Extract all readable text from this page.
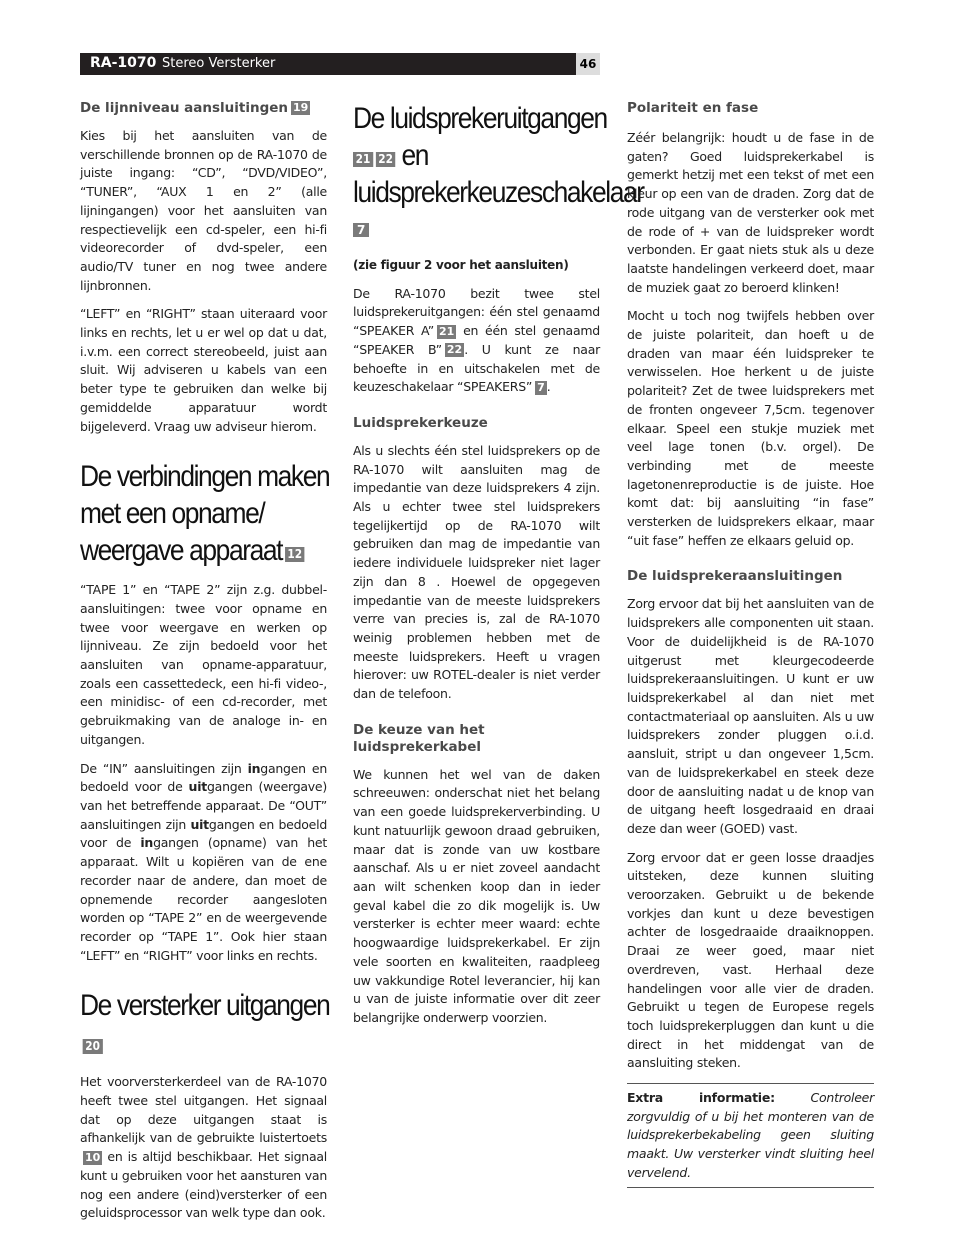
RA-1070 Stereo Versterker	46
De lijnniveau aansluitingen 19

Kies bij het aansluiten van de verschillende bronnen op de RA-1070 de juiste ingang: “CD”, “DVD/VIDEO”, “TUNER”, “AUX 1 en 2” (alle lijningangen) voor het aansluiten van respectievelijk een cd-speler, een hi-fi videorecorder of dvd-speler, een audio/TV tuner en nog twee andere lijnbronnen.

“LEFT” en “RIGHT” staan uiteraard voor links en rechts, let u er wel op dat u dat, i.v.m. een correct stereobeeld, juist aan sluit. Wij adviseren u kabels van een beter type te gebruiken dan welke bij gemiddelde apparatuur wordt bijgeleverd. Vraag uw adviseur hierom.

De verbindingen maken met een opname/ weergave apparaat 12

“TAPE 1” en “TAPE 2” zijn z.g. dubbel-aansluitingen: twee voor opname en twee voor weergave en werken op lijnniveau. Ze zijn bedoeld voor het aansluiten van opname-apparatuur, zoals een cassettedeck, een hi-fi video-, een minidisc- of een cd-recorder, met gebruikmaking van de analoge in- en uitgangen.

De “IN” aansluitingen zijn ingangen en bedoeld voor de uitgangen (weergave) van het betreffende apparaat. De “OUT” aansluitingen zijn uitgangen en bedoeld voor de ingangen (opname) van het apparaat. Wilt u kopiëren van de ene recorder naar de andere, dan moet de opnemende recorder aangesloten worden op “TAPE 2” en de weergevende recorder op “TAPE 1”. Ook hier staan “LEFT” en “RIGHT” voor links en rechts.

De versterker uitgangen20

Het voorversterkerdeel van de RA-1070 heeft twee stel uitgangen. Het signaal dat op deze uitgangen staat is afhankelijk van de gebruikte luistertoets10 en is altijd beschikbaar. Het signaal kunt u gebruiken voor het aansturen van nog een andere (eind)versterker of een geluidsprocessor van welk type dan ook.

De luidsprekeruitgangen
21 22 en luidsprekerkeuzeschakelaar
7

(zie figuur 2 voor het aansluiten)

De RA-1070 bezit twee stel luidsprekeruitgangen: één stel genaamd “SPEAKER A” 21 en één stel genaamd “SPEAKER B” 22 . U kunt ze naar behoefte in en uitschakelen met de keuzeschakelaar “SPEAKERS” 7 .

Luidsprekerkeuze

Als u slechts één stel luidsprekers op de RA-1070 wilt aansluiten mag de impedantie van deze luidsprekers 4 zijn. Als u echter twee stel luidsprekers tegelijkertijd op de RA-1070 wilt gebruiken dan mag de impedantie van iedere individuele luidspreker niet lager zijn dan 8 . Hoewel de opgegeven impedantie van de meeste luidsprekers verre van precies is, zal de RA-1070 weinig problemen hebben met de meeste luidsprekers. Heeft u vragen hierover: uw ROTEL-dealer is niet verder dan de telefoon.

De keuze van het luidsprekerkabel

We kunnen het wel van de daken schreeuwen: onderschat niet het belang van een goede luidsprekerverbinding. U kunt natuurlijk gewoon draad gebruiken, maar dat is zonde van uw kostbare aanschaf. Als u er niet zoveel aandacht aan wilt schenken koop dan in ieder geval kabel die zo dik mogelijk is. Uw versterker is echter meer waard: echte hoogwaardige luidsprekerkabel. Er zijn vele soorten en kwaliteiten, raadpleeg uw vakkundige Rotel leverancier, hij kan u van de juiste informatie over dit zeer belangrijke onderwerp voorzien.

Polariteit en fase

Zéér belangrijk: houdt u de fase in de gaten? Goed luidsprekerkabel is gemerkt hetzij met een tekst of met een kleur op een van de draden. Zorg dat de rode uitgang van de versterker ook met de rode of + van de luidspreker wordt verbonden. Er gaat niets stuk als u deze laatste handelingen verkeerd doet, maar de muziek gaat zo beroerd klinken!

Mocht u toch nog twijfels hebben over de juiste polariteit, dan hoeft u de draden van maar één luidspreker te verwisselen. Hoe herkent u de juiste polariteit? Zet de twee luidsprekers met de fronten ongeveer 7,5cm. tegenover elkaar. Speel een stukje muziek met veel lage tonen (b.v. orgel). De verbinding met de meeste lagetonenreproductie is de juiste. Hoe komt dat: bij aansluiting “in fase” versterken de luidsprekers elkaar, maar “uit fase” heffen ze elkaars geluid op.

De luidsprekeraansluitingen

Zorg ervoor dat bij het aansluiten van de luidsprekers alle componenten uit staan. Voor de duidelijkheid is de RA-1070 uitgerust met kleurgecodeerde luidsprekeraansluitingen. U kunt er uw luidsprekerkabel al dan niet met contactmateriaal op aansluiten. Als u uw luidsprekers zonder pluggen o.i.d. aansluit, stript u dan ongeveer 1,5cm. van de luidsprekerkabel en steek deze door de aansluiting nadat u de knop van de uitgang heeft losgedraaid en draai deze dan weer (GOED) vast.

Zorg ervoor dat er geen losse draadjes uitsteken, deze kunnen sluiting veroorzaken. Gebruikt u de bekende vorkjes dan kunt u deze bevestigen achter de losgedraaide draaiknoppen. Draai ze weer goed, maar niet overdreven, vast. Herhaal deze handelingen voor alle vier de draden. Gebruikt u tegen de Europese regels toch luidsprekerpluggen dan kunt u die direct in het middengat van de aansluiting steken.

Extra informatie: Controleer zorgvuldig of u bij het monteren van de luidsprekerbekabeling geen sluiting maakt. Uw versterker vindt sluiting heel vervelend.
